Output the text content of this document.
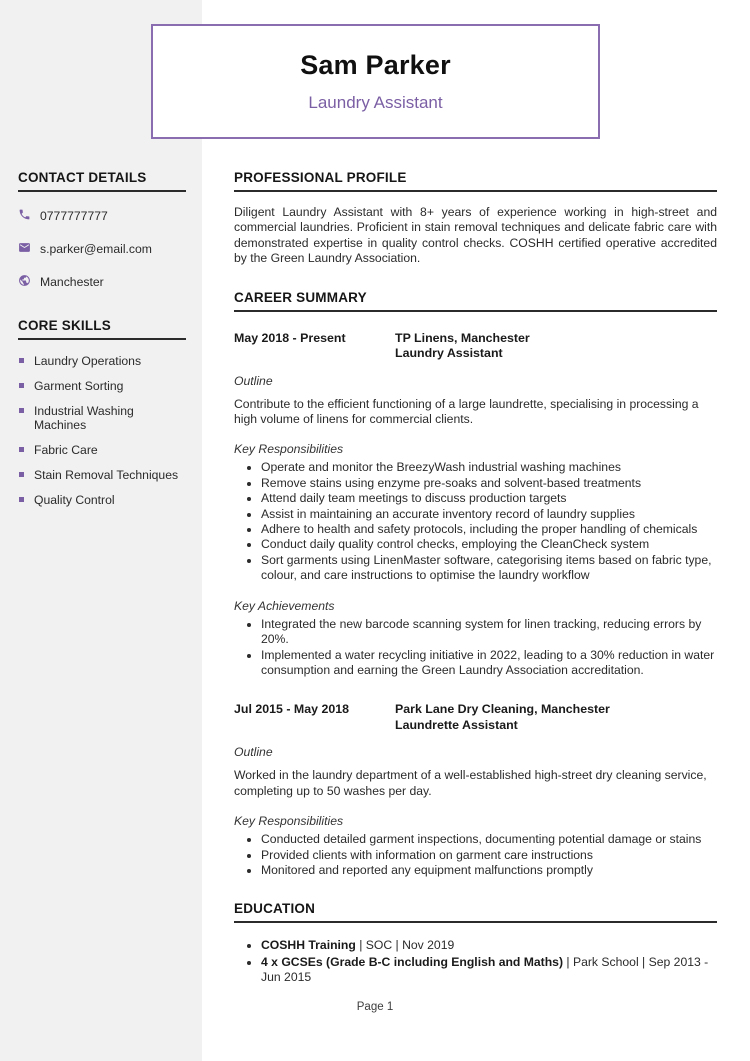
Sam Parker
Laundry Assistant
CONTACT DETAILS
0777777777
s.parker@email.com
Manchester
CORE SKILLS
Laundry Operations
Garment Sorting
Industrial Washing Machines
Fabric Care
Stain Removal Techniques
Quality Control
PROFESSIONAL PROFILE

Diligent Laundry Assistant with 8+ years of experience working in high-street and commercial laundries. Proficient in stain removal techniques and delicate fabric care with demonstrated expertise in quality control checks. COSHH certified operative accredited by the Green Laundry Association.

CAREER SUMMARY
May 2018 - Present	TP Linens, Manchester
Laundry Assistant
Outline

Contribute to the efficient functioning of a large laundrette, specialising in processing a high volume of linens for commercial clients.

Key Responsibilities
• Operate and monitor the BreezyWash industrial washing machines
• Remove stains using enzyme pre-soaks and solvent-based treatments
• Attend daily team meetings to discuss production targets
• Assist in maintaining an accurate inventory record of laundry supplies
• Adhere to health and safety protocols, including the proper handling of chemicals
• Conduct daily quality control checks, employing the CleanCheck system
• Sort garments using LinenMaster software, categorising items based on fabric type, colour, and care instructions to optimise the laundry workflow
Key Achievements
• Integrated the new barcode scanning system for linen tracking, reducing errors by 20%.
• Implemented a water recycling initiative in 2022, leading to a 30% reduction in water consumption and earning the Green Laundry Association accreditation.
Jul 2015 - May 2018	Park Lane Dry Cleaning, Manchester
Laundrette Assistant
Outline

Worked in the laundry department of a well-established high-street dry cleaning service, completing up to 50 washes per day.

Key Responsibilities
• Conducted detailed garment inspections, documenting potential damage or stains
• Provided clients with information on garment care instructions
• Monitored and reported any equipment malfunctions promptly
EDUCATION
• COSHH Training | SOC | Nov 2019
• 4 x GCSEs (Grade B-C including English and Maths) | Park School | Sep 2013 - Jun 2015
Page 1
